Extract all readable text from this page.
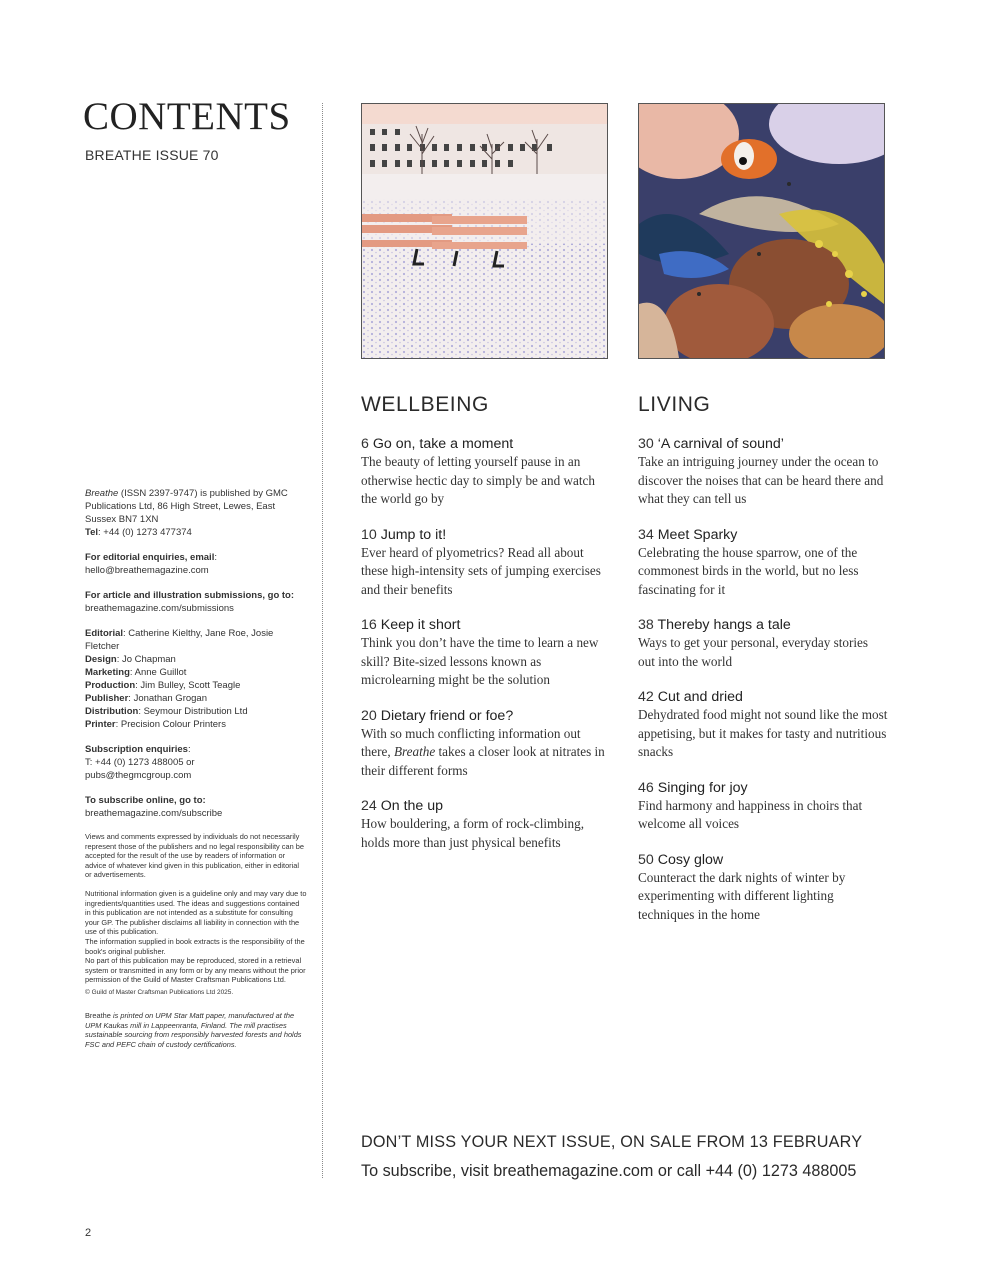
CONTENTS
BREATHE ISSUE 70

Breathe (ISSN 2397-9747) is published by GMC Publications Ltd, 86 High Street, Lewes, East Sussex BN7 1XN
Tel: +44 (0) 1273 477374

For editorial enquiries, email:
hello@breathemagazine.com

For article and illustration submissions, go to:
breathemagazine.com/submissions

Editorial: Catherine Kielthy, Jane Roe, Josie Fletcher
Design: Jo Chapman
Marketing: Anne Guillot
Production: Jim Bulley, Scott Teagle
Publisher: Jonathan Grogan
Distribution: Seymour Distribution Ltd
Printer: Precision Colour Printers

Subscription enquiries:
T: +44 (0) 1273 488005 or
pubs@thegmcgroup.com

To subscribe online, go to:
breathemagazine.com/subscribe

Views and comments expressed by individuals do not necessarily represent those of the publishers and no legal responsibility can be accepted for the result of the use by readers of information or advice of whatever kind given in this publication, either in editorial or advertisements.

Nutritional information given is a guideline only and may vary due to ingredients/quantities used. The ideas and suggestions contained in this publication are not intended as a substitute for consulting your GP. The publisher disclaims all liability in connection with the use of this publication.
The information supplied in book extracts is the responsibility of the book's original publisher.
No part of this publication may be reproduced, stored in a retrieval system or transmitted in any form or by any means without the prior permission of the Guild of Master Craftsman Publications Ltd.

© Guild of Master Craftsman Publications Ltd 2025.

Breathe is printed on UPM Star Matt paper, manufactured at the UPM Kaukas mill in Lappeenranta, Finland. The mill practises sustainable sourcing from responsibly harvested forests and holds FSC and PEFC chain of custody certifications.

WELLBEING	LIVING
6 Go on, take a moment
The beauty of letting yourself pause in an otherwise hectic day to simply be and watch the world go by
10 Jump to it!
Ever heard of plyometrics? Read all about these high-intensity sets of jumping exercises and their benefits
16 Keep it short
Think you don’t have the time to learn a new skill? Bite-sized lessons known as microlearning might be the solution
20 Dietary friend or foe?
With so much conflicting information out there, Breathe takes a closer look at nitrates in their different forms
24 On the up
How bouldering, a form of rock-climbing, holds more than just physical benefits
30 ‘A carnival of sound’
Take an intriguing journey under the ocean to discover the noises that can be heard there and what they can tell us
34 Meet Sparky
Celebrating the house sparrow, one of the commonest birds in the world, but no less fascinating for it
38 Thereby hangs a tale
Ways to get your personal, everyday stories out into the world
42 Cut and dried
Dehydrated food might not sound like the most appetising, but it makes for tasty and nutritious snacks
46 Singing for joy
Find harmony and happiness in choirs that welcome all voices
50 Cosy glow
Counteract the dark nights of winter by experimenting with different lighting techniques in the home
DON’T MISS YOUR NEXT ISSUE, ON SALE FROM 13 FEBRUARY
To subscribe, visit breathemagazine.com or call +44 (0) 1273 488005
2
